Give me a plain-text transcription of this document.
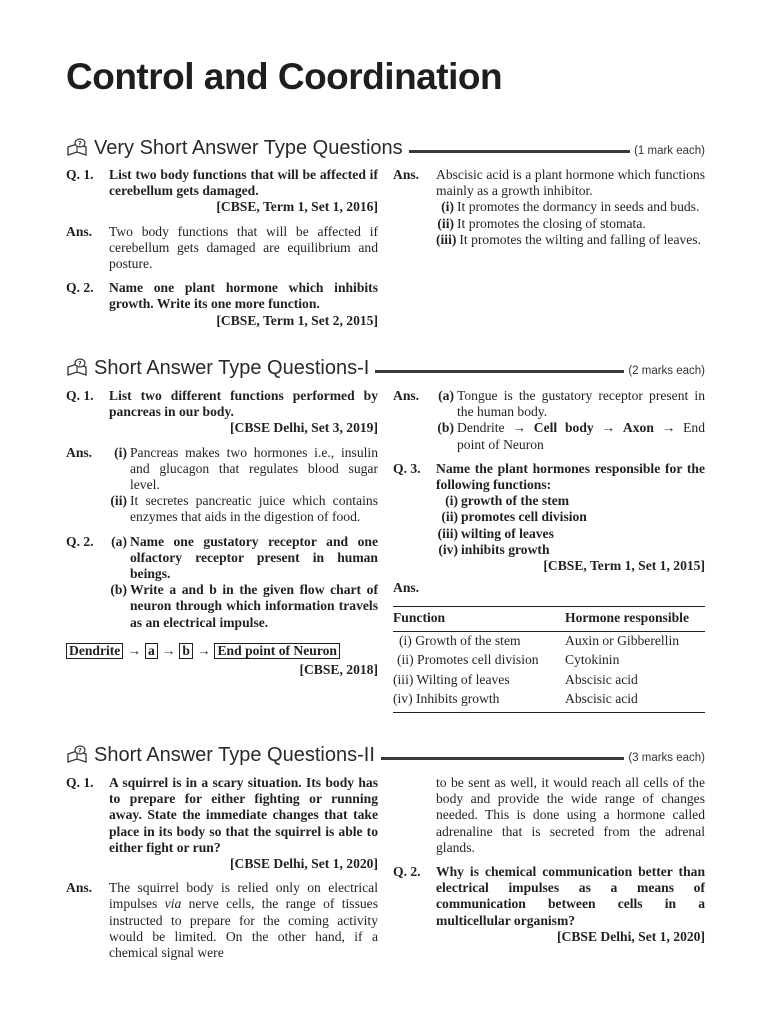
Control and Coordination
? Very Short Answer Type Questions	(1 mark each)
Q. 1.	List two body functions that will be affected if cerebellum gets damaged.
[CBSE, Term 1, Set 1, 2016]
Ans.	Two body functions that will be affected if cerebellum gets damaged are equilibrium and posture.
Q. 2.	Name one plant hormone which inhibits growth. Write its one more function.
[CBSE, Term 1, Set 2, 2015]
Ans.	Abscisic acid is a plant hormone which functions mainly as a growth inhibitor.
(i) It promotes the dormancy in seeds and buds.
(ii) It promotes the closing of stomata.
(iii) It promotes the wilting and falling of leaves.
? Short Answer Type Questions-I	(2 marks each)
Q. 1.	List two different functions performed by pancreas in our body.
[CBSE Delhi, Set 3, 2019]
Ans.	(i) Pancreas makes two hormones i.e., insulin and glucagon that regulates blood sugar level.
(ii) It secretes pancreatic juice which contains enzymes that aids in the digestion of food.
Q. 2.	(a) Name one gustatory receptor and one olfactory receptor present in human beings.
(b) Write a and b in the given flow chart of neuron through which information travels as an electrical impulse.
Dendrite → a → b → End point of Neuron
[CBSE, 2018]
Ans.	(a) Tongue is the gustatory receptor present in the human body.
(b) Dendrite → Cell body → Axon → End point of Neuron
Q. 3.	Name the plant hormones responsible for the following functions:
(i) growth of the stem
(ii) promotes cell division
(iii) wilting of leaves
(iv) inhibits growth
[CBSE, Term 1, Set 1, 2015]
Ans.
Function	Hormone responsible
(i) Growth of the stem	Auxin or Gibberellin
(ii) Promotes cell division	Cytokinin
(iii) Wilting of leaves	Abscisic acid
(iv) Inhibits growth	Abscisic acid
? Short Answer Type Questions-II	(3 marks each)
Q. 1.	A squirrel is in a scary situation. Its body has to prepare for either fighting or running away. State the immediate changes that take place in its body so that the squirrel is able to either fight or run?
[CBSE Delhi, Set 1, 2020]
Ans.	The squirrel body is relied only on electrical impulses via nerve cells, the range of tissues instructed to prepare for the coming activity would be limited. On the other hand, if a chemical signal were
to be sent as well, it would reach all cells of the body and provide the wide range of changes needed. This is done using a hormone called adrenaline that is secreted from the adrenal glands.
Q. 2.	Why is chemical communication better than electrical impulses as a means of communication between cells in a multicellular organism?
[CBSE Delhi, Set 1, 2020]
